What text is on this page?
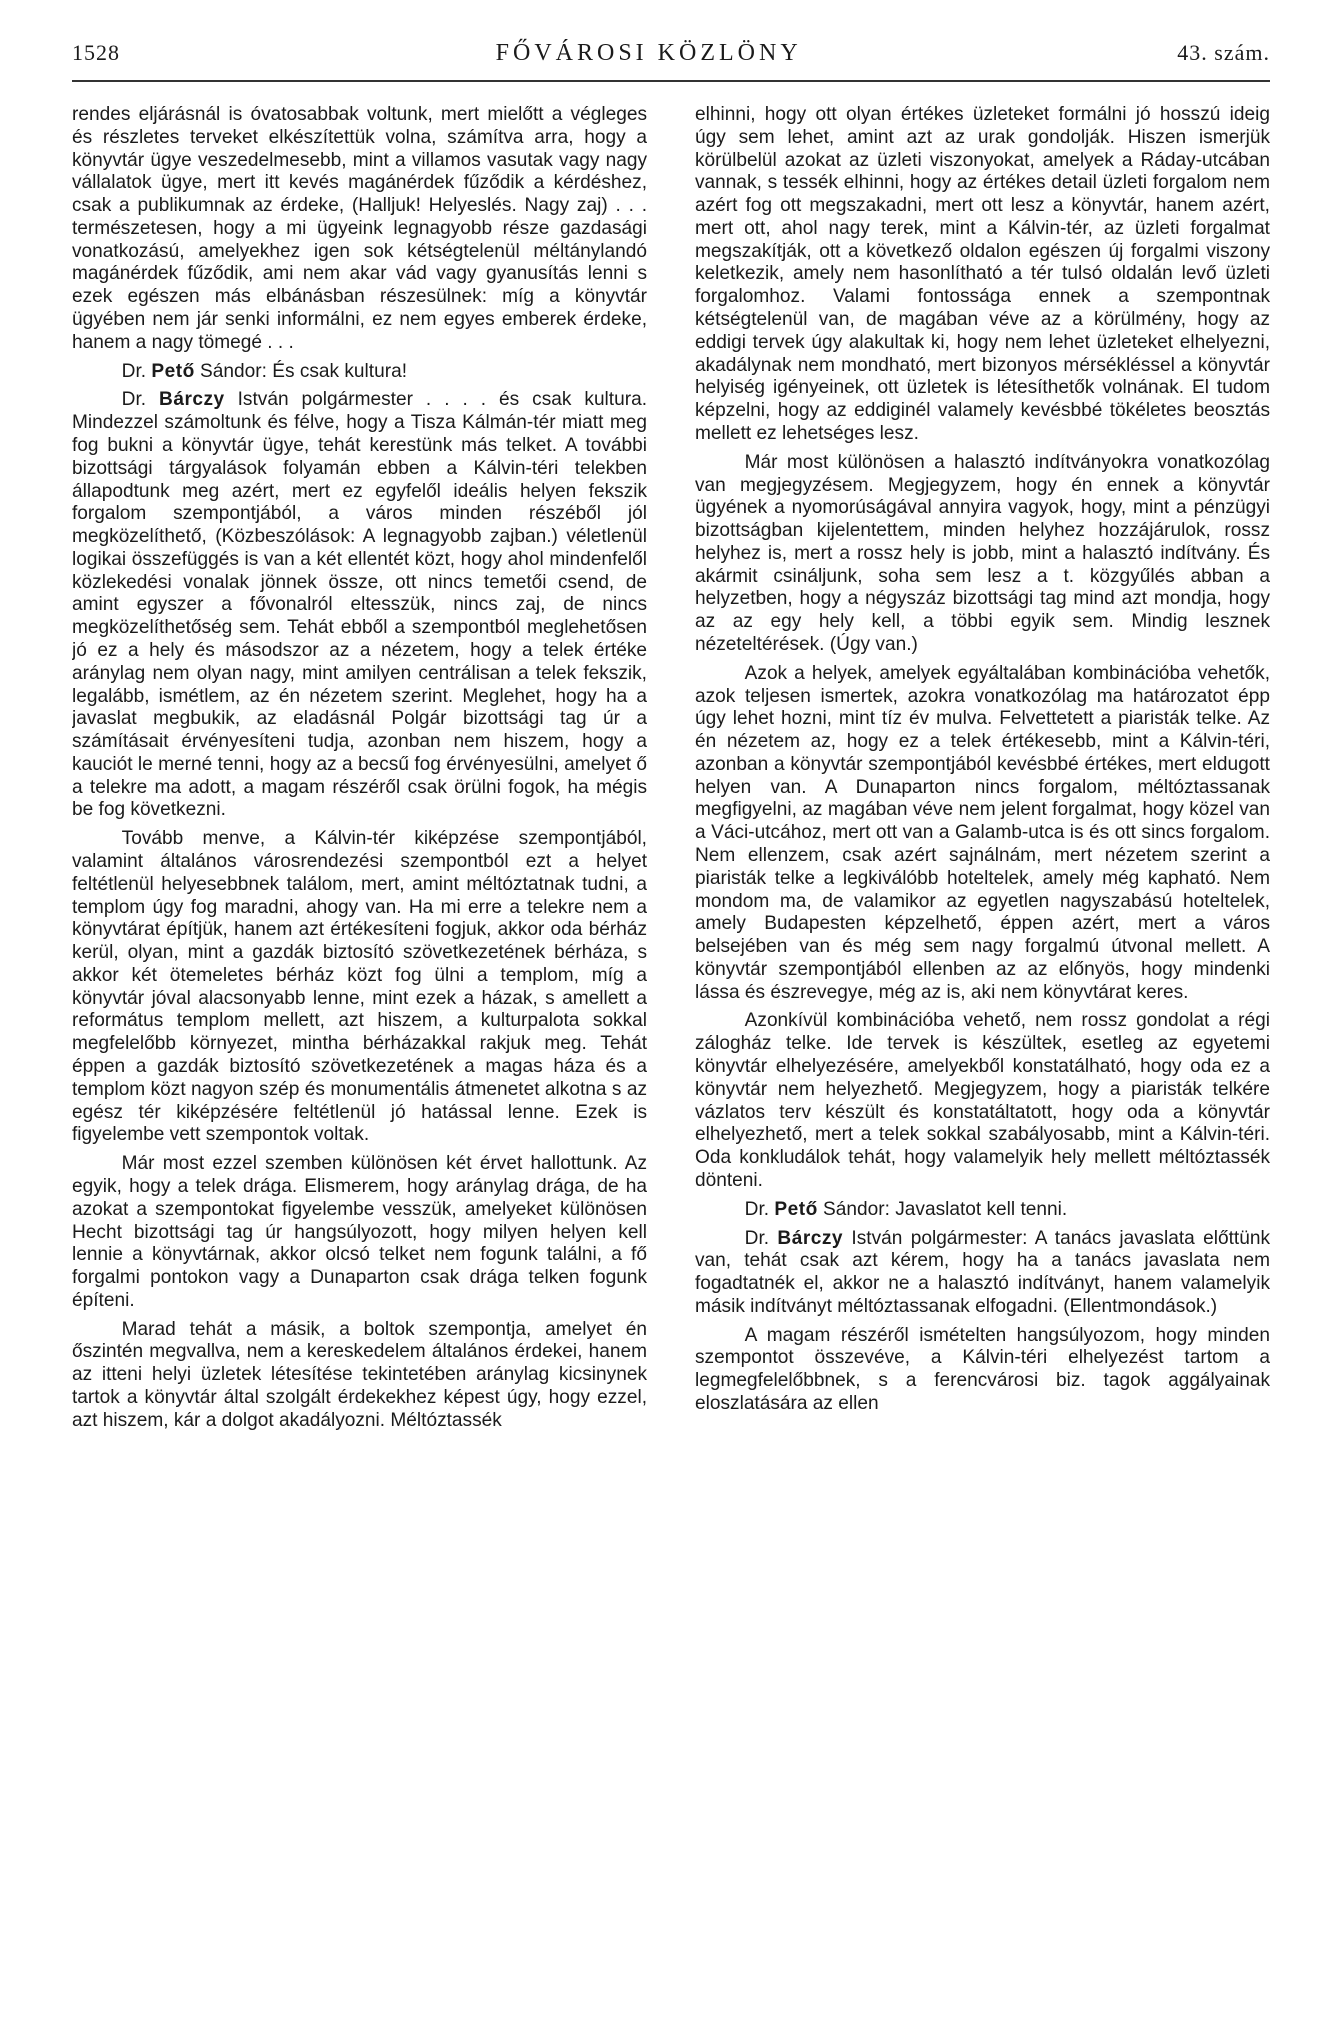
1528	FŐVÁROSI KÖZLÖNY	43. szám.

rendes eljárásnál is óvatosabbak voltunk, mert mielőtt a végleges és részletes terveket elkészítettük volna, számítva arra, hogy a könyvtár ügye veszedelmesebb, mint a villamos vasutak vagy nagy vállalatok ügye, mert itt kevés magánérdek fűződik a kérdéshez, csak a publikumnak az érdeke, (Halljuk! Helyeslés. Nagy zaj) . . . természetesen, hogy a mi ügyeink legnagyobb része gazdasági vonatkozású, amelyekhez igen sok kétségtelenül méltánylandó magánérdek fűződik, ami nem akar vád vagy gyanusítás lenni s ezek egészen más elbánásban részesülnek: míg a könyvtár ügyében nem jár senki informálni, ez nem egyes emberek érdeke, hanem a nagy tömegé . . .

Dr. Pető Sándor: És csak kultura!

Dr. Bárczy István polgármester . . . . és csak kultura. Mindezzel számoltunk és félve, hogy a Tisza Kálmán-tér miatt meg fog bukni a könyvtár ügye, tehát kerestünk más telket. A további bizottsági tárgyalások folyamán ebben a Kálvin-téri telekben állapodtunk meg azért, mert ez egyfelől ideális helyen fekszik forgalom szempontjából, a város minden részéből jól megközelíthető, (Közbeszólások: A legnagyobb zajban.) véletlenül logikai összefüggés is van a két ellentét közt, hogy ahol mindenfelől közlekedési vonalak jönnek össze, ott nincs temetői csend, de amint egyszer a fővonalról eltesszük, nincs zaj, de nincs megközelíthetőség sem. Tehát ebből a szempontból meglehetősen jó ez a hely és másodszor az a nézetem, hogy a telek értéke aránylag nem olyan nagy, mint amilyen centrálisan a telek fekszik, legalább, ismétlem, az én nézetem szerint. Meglehet, hogy ha a javaslat megbukik, az eladásnál Polgár bizottsági tag úr a számításait érvényesíteni tudja, azonban nem hiszem, hogy a kauciót le merné tenni, hogy az a becsű fog érvényesülni, amelyet ő a telekre ma adott, a magam részéről csak örülni fogok, ha mégis be fog következni.

Tovább menve, a Kálvin-tér kiképzése szempontjából, valamint általános városrendezési szempontból ezt a helyet feltétlenül helyesebbnek találom, mert, amint méltóztatnak tudni, a templom úgy fog maradni, ahogy van. Ha mi erre a telekre nem a könyvtárat építjük, hanem azt értékesíteni fogjuk, akkor oda bérház kerül, olyan, mint a gazdák biztosító szövetkezetének bérháza, s akkor két ötemeletes bérház közt fog ülni a templom, míg a könyvtár jóval alacsonyabb lenne, mint ezek a házak, s amellett a református templom mellett, azt hiszem, a kulturpalota sokkal megfelelőbb környezet, mintha bérházakkal rakjuk meg. Tehát éppen a gazdák biztosító szövetkezetének a magas háza és a templom közt nagyon szép és monumentális átmenetet alkotna s az egész tér kiképzésére feltétlenül jó hatással lenne. Ezek is figyelembe vett szempontok voltak.

Már most ezzel szemben különösen két érvet hallottunk. Az egyik, hogy a telek drága. Elismerem, hogy aránylag drága, de ha azokat a szempontokat figyelembe vesszük, amelyeket különösen Hecht bizottsági tag úr hangsúlyozott, hogy milyen helyen kell lennie a könyvtárnak, akkor olcsó telket nem fogunk találni, a fő forgalmi pontokon vagy a Dunaparton csak drága telken fogunk építeni.

Marad tehát a másik, a boltok szempontja, amelyet én őszintén megvallva, nem a kereskedelem általános érdekei, hanem az itteni helyi üzletek létesítése tekintetében aránylag kicsinynek tartok a könyvtár által szolgált érdekekhez képest úgy, hogy ezzel, azt hiszem, kár a dolgot akadályozni. Méltóztassék

elhinni, hogy ott olyan értékes üzleteket formálni jó hosszú ideig úgy sem lehet, amint azt az urak gondolják. Hiszen ismerjük körülbelül azokat az üzleti viszonyokat, amelyek a Ráday-utcában vannak, s tessék elhinni, hogy az értékes detail üzleti forgalom nem azért fog ott megszakadni, mert ott lesz a könyvtár, hanem azért, mert ott, ahol nagy terek, mint a Kálvin-tér, az üzleti forgalmat megszakítják, ott a következő oldalon egészen új forgalmi viszony keletkezik, amely nem hasonlítható a tér tulsó oldalán levő üzleti forgalomhoz. Valami fontossága ennek a szempontnak kétségtelenül van, de magában véve az a körülmény, hogy az eddigi tervek úgy alakultak ki, hogy nem lehet üzleteket elhelyezni, akadálynak nem mondható, mert bizonyos mérsékléssel a könyvtár helyiség igényeinek, ott üzletek is létesíthetők volnának. El tudom képzelni, hogy az eddiginél valamely kevésbbé tökéletes beosztás mellett ez lehetséges lesz.

Már most különösen a halasztó indítványokra vonatkozólag van megjegyzésem. Megjegyzem, hogy én ennek a könyvtár ügyének a nyomorúságával annyira vagyok, hogy, mint a pénzügyi bizottságban kijelentettem, minden helyhez hozzájárulok, rossz helyhez is, mert a rossz hely is jobb, mint a halasztó indítvány. És akármit csináljunk, soha sem lesz a t. közgyűlés abban a helyzetben, hogy a négyszáz bizottsági tag mind azt mondja, hogy az az egy hely kell, a többi egyik sem. Mindig lesznek nézeteltérések. (Úgy van.)

Azok a helyek, amelyek egyáltalában kombinációba vehetők, azok teljesen ismertek, azokra vonatkozólag ma határozatot épp úgy lehet hozni, mint tíz év mulva. Felvettetett a piaristák telke. Az én nézetem az, hogy ez a telek értékesebb, mint a Kálvin-téri, azonban a könyvtár szempontjából kevésbbé értékes, mert eldugott helyen van. A Dunaparton nincs forgalom, méltóztassanak megfigyelni, az magában véve nem jelent forgalmat, hogy közel van a Váci-utcához, mert ott van a Galamb-utca is és ott sincs forgalom. Nem ellenzem, csak azért sajnálnám, mert nézetem szerint a piaristák telke a legkiválóbb hoteltelek, amely még kapható. Nem mondom ma, de valamikor az egyetlen nagyszabású hoteltelek, amely Budapesten képzelhető, éppen azért, mert a város belsejében van és még sem nagy forgalmú útvonal mellett. A könyvtár szempontjából ellenben az az előnyös, hogy mindenki lássa és észrevegye, még az is, aki nem könyvtárat keres.

Azonkívül kombinációba vehető, nem rossz gondolat a régi zálogház telke. Ide tervek is készültek, esetleg az egyetemi könyvtár elhelyezésére, amelyekből konstatálható, hogy oda ez a könyvtár nem helyezhető. Megjegyzem, hogy a piaristák telkére vázlatos terv készült és konstatáltatott, hogy oda a könyvtár elhelyezhető, mert a telek sokkal szabályosabb, mint a Kálvin-téri. Oda konkludálok tehát, hogy valamelyik hely mellett méltóztassék dönteni.

Dr. Pető Sándor: Javaslatot kell tenni.

Dr. Bárczy István polgármester: A tanács javaslata előttünk van, tehát csak azt kérem, hogy ha a tanács javaslata nem fogadtatnék el, akkor ne a halasztó indítványt, hanem valamelyik másik indítványt méltóztassanak elfogadni. (Ellentmondások.)

A magam részéről ismételten hangsúlyozom, hogy minden szempontot összevéve, a Kálvin-téri elhelyezést tartom a legmegfelelőbbnek, s a ferencvárosi biz. tagok aggályainak eloszlatására az ellen
